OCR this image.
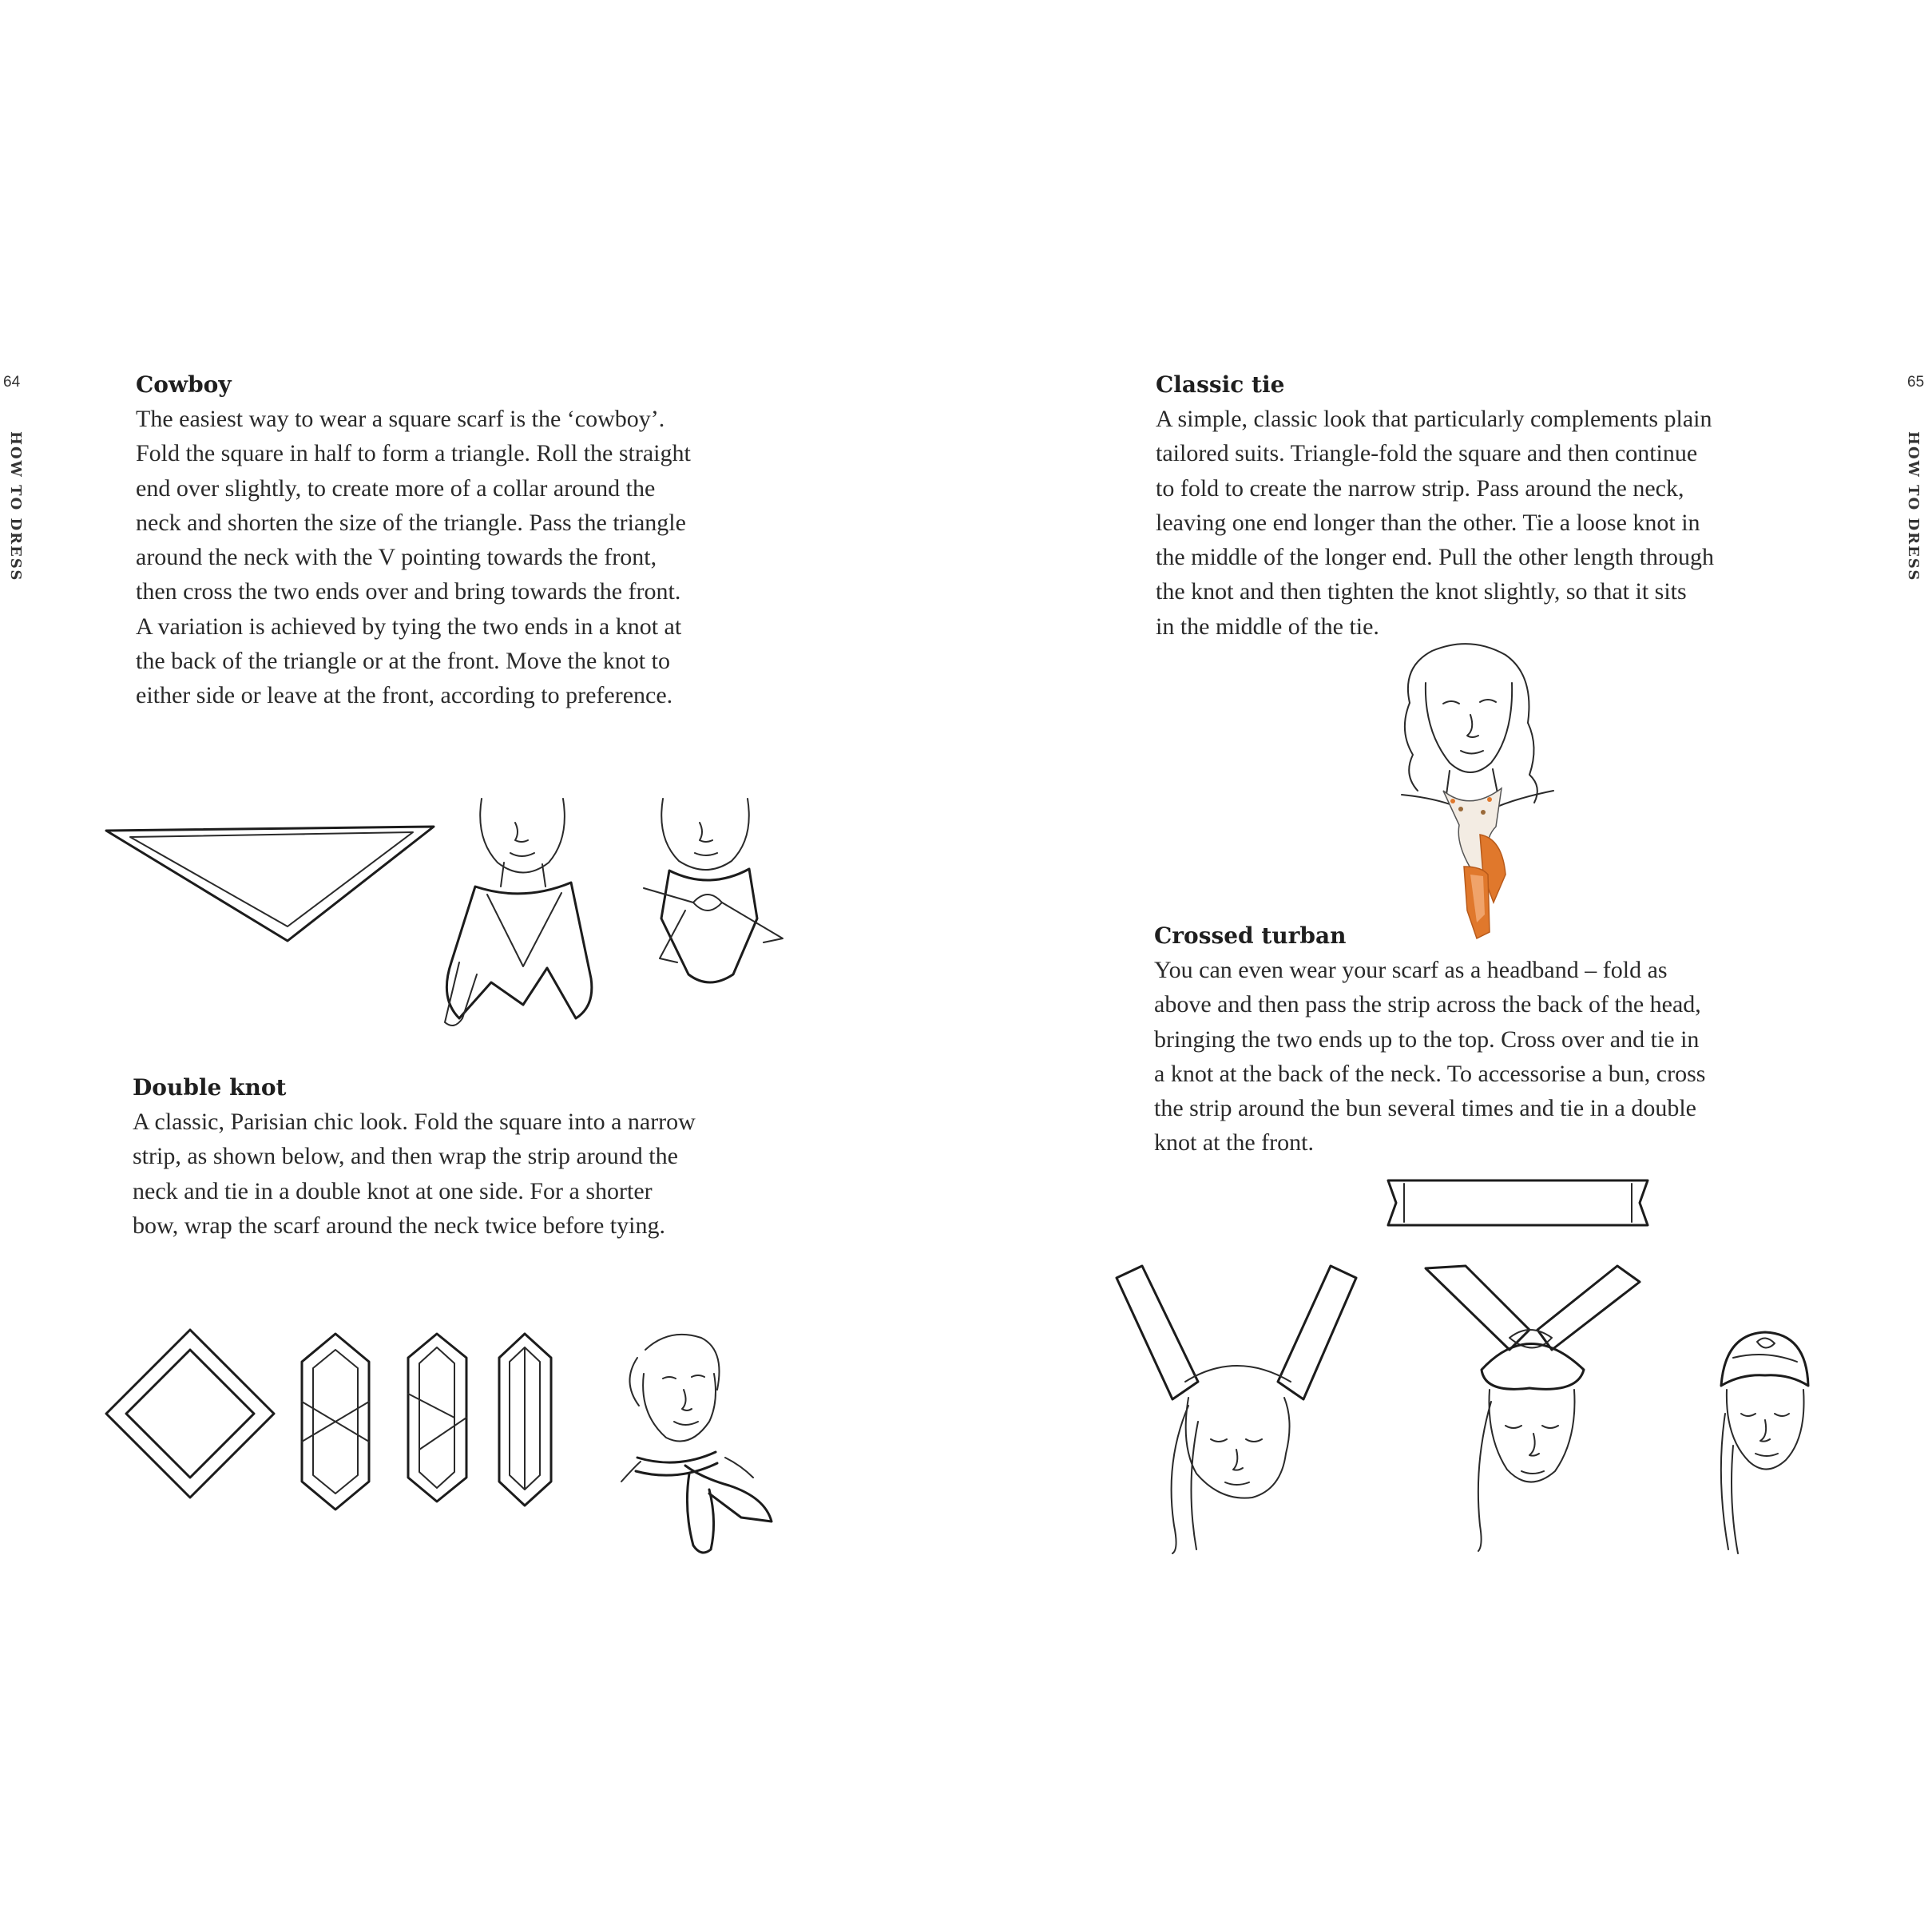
64
HOW TO DRESS
65
HOW TO DRESS
Cowboy

The easiest way to wear a square scarf is the ‘cowboy’.
Fold the square in half to form a triangle. Roll the straight
end over slightly, to create more of a collar around the
neck and shorten the size of the triangle. Pass the triangle
around the neck with the V pointing towards the front,
then cross the two ends over and bring towards the front.
A variation is achieved by tying the two ends in a knot at
the back of the triangle or at the front. Move the knot to
either side or leave at the front, according to preference.

Double knot

A classic, Parisian chic look. Fold the square into a narrow
strip, as shown below, and then wrap the strip around the
neck and tie in a double knot at one side. For a shorter
bow, wrap the scarf around the neck twice before tying.

Classic tie

A simple, classic look that particularly complements plain
tailored suits. Triangle-fold the square and then continue
to fold to create the narrow strip. Pass around the neck,
leaving one end longer than the other. Tie a loose knot in
the middle of the longer end. Pull the other length through
the knot and then tighten the knot slightly, so that it sits
in the middle of the tie.

Crossed turban

You can even wear your scarf as a headband – fold as
above and then pass the strip across the back of the head,
bringing the two ends up to the top. Cross over and tie in
a knot at the back of the neck. To accessorise a bun, cross
the strip around the bun several times and tie in a double
knot at the front.
